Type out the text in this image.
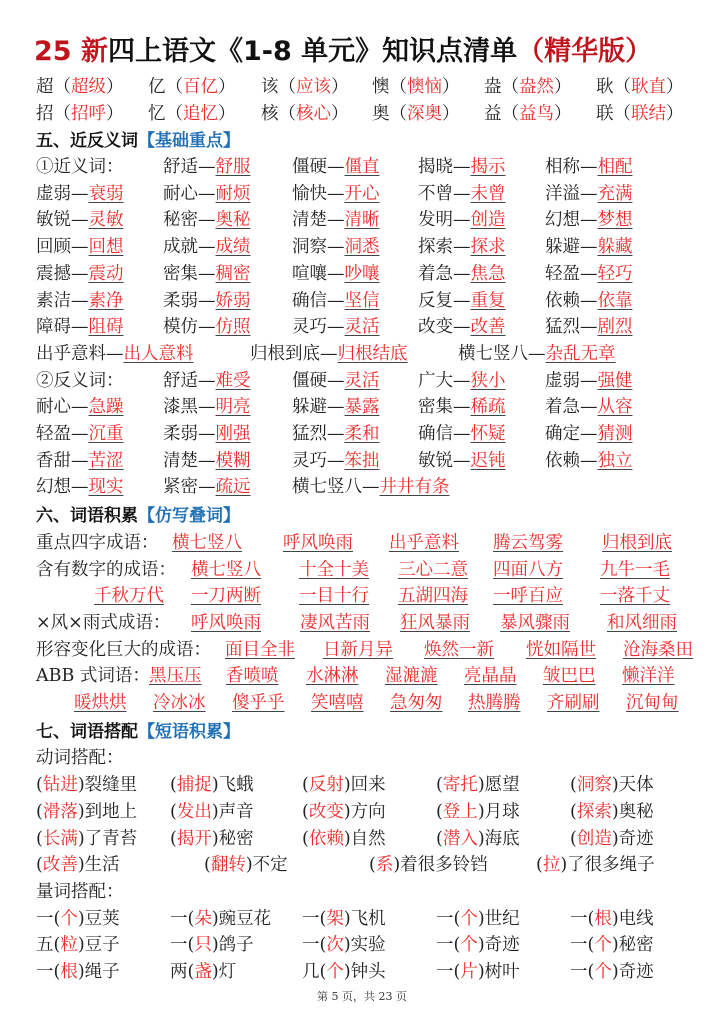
25 新四上语文《1-8 单元》知识点清单（精华版）
超（超级） 亿（百亿） 该（应该） 懊（懊恼） 盎（盎然） 耿（耿直）
招（招呼） 忆（追忆） 核（核心） 奥（深奥） 益（益鸟） 联（联结）
五、近反义词【基础重点】
①近义词： 舒适—舒服 僵硬—僵直 揭晓—揭示 相称—相配
虚弱—衰弱 耐心—耐烦 愉快—开心 不曾—未曾 洋溢—充满
敏锐—灵敏 秘密—奥秘 清楚—清晰 发明—创造 幻想—梦想
回顾—回想 成就—成绩 洞察—洞悉 探索—探求 躲避—躲藏
震撼—震动 密集—稠密 喧嚷—吵嚷 着急—焦急 轻盈—轻巧
素洁—素净 柔弱—娇弱 确信—坚信 反复—重复 依赖—依靠
障碍—阻碍 模仿—仿照 灵巧—灵活 改变—改善 猛烈—剧烈
出乎意料—出人意料	归根到底—归根结底	横七竖八—杂乱无章
②反义词： 舒适—难受 僵硬—灵活 广大—狭小 虚弱—强健
耐心—急躁 漆黑—明亮 躲避—暴露 密集—稀疏 着急—从容
轻盈—沉重 柔弱—刚强 猛烈—柔和 确信—怀疑 确定—猜测
香甜—苦涩 清楚—模糊 灵巧—笨拙 敏锐—迟钝 依赖—独立
幻想—现实 紧密—疏远 横七竖八—井井有条
六、词语积累【仿写叠词】
重点四字成语： 横七竖八 呼风唤雨 出乎意料 腾云驾雾 归根到底
含有数字的成语： 横七竖八 十全十美 三心二意 四面八方 九牛一毛
千秋万代 一刀两断 一目十行 五湖四海 一呼百应 一落千丈
×风×雨式成语： 呼风唤雨 凄风苦雨 狂风暴雨 暴风骤雨 和风细雨
形容变化巨大的成语： 面目全非 日新月异 焕然一新 恍如隔世 沧海桑田
ABB 式词语： 黑压压 香喷喷 水淋淋 湿漉漉 亮晶晶 皱巴巴 懒洋洋
暖烘烘 冷冰冰 傻乎乎 笑嘻嘻 急匆匆 热腾腾 齐刷刷 沉甸甸
七、词语搭配【短语积累】
动词搭配：
(钻进)裂缝里 (捕捉)飞蛾	(反射)回来	(寄托)愿望	(洞察)天体
(滑落)到地上 (发出)声音	(改变)方向	(登上)月球	(探索)奥秘
(长满)了青苔 (揭开)秘密	(依赖)自然	(潜入)海底	(创造)奇迹
(改善)生活	(翻转)不定	(系)着很多铃铛	(拉)了很多绳子
量词搭配：
一(个)豆荚	一(朵)豌豆花 一(架)飞机	一(个)世纪	一(根)电线
五(粒)豆子	一(只)鸽子	一(次)实验	一(个)奇迹	一(个)秘密
一(根)绳子	两(盏)灯	几(个)钟头	一(片)树叶	一(个)奇迹
第 5 页，共 23 页
